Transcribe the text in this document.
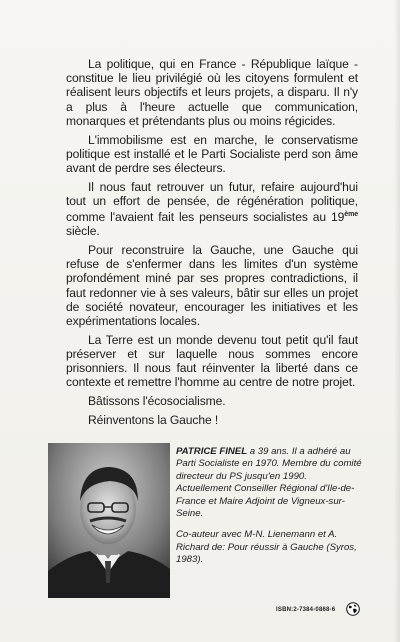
La politique, qui en France - République laïque - constitue le lieu privilégié où les citoyens formulent et réalisent leurs objectifs et leurs projets, a disparu. Il n'y a plus à l'heure actuelle que communication, monarques et prétendants plus ou moins régicides.

L'immobilisme est en marche, le conservatisme politique est installé et le Parti Socialiste perd son âme avant de perdre ses électeurs.

Il nous faut retrouver un futur, refaire aujourd'hui tout un effort de pensée, de régénération politique, comme l'avaient fait les penseurs socialistes au 19ème siècle.

Pour reconstruire la Gauche, une Gauche qui refuse de s'enfermer dans les limites d'un système profondément miné par ses propres contradictions, il faut redonner vie à ses valeurs, bâtir sur elles un projet de société novateur, encourager les initiatives et les expérimentations locales.

La Terre est un monde devenu tout petit qu'il faut préserver et sur laquelle nous sommes encore prisonniers. Il nous faut réinventer la liberté dans ce contexte et remettre l'homme au centre de notre projet.

Bâtissons l'écosocialisme.

Réinventons la Gauche !

PATRICE FINEL a 39 ans. Il a adhéré au Parti Socialiste en 1970. Membre du comité directeur du PS jusqu'en 1990. Actuellement Conseiller Régional d'Ile-de-France et Maire Adjoint de Vigneux-sur-Seine.

Co-auteur avec M-N. Lienemann et A. Richard de: Pour réussir à Gauche (Syros, 1983).

ISBN:2-7384-0868-6
